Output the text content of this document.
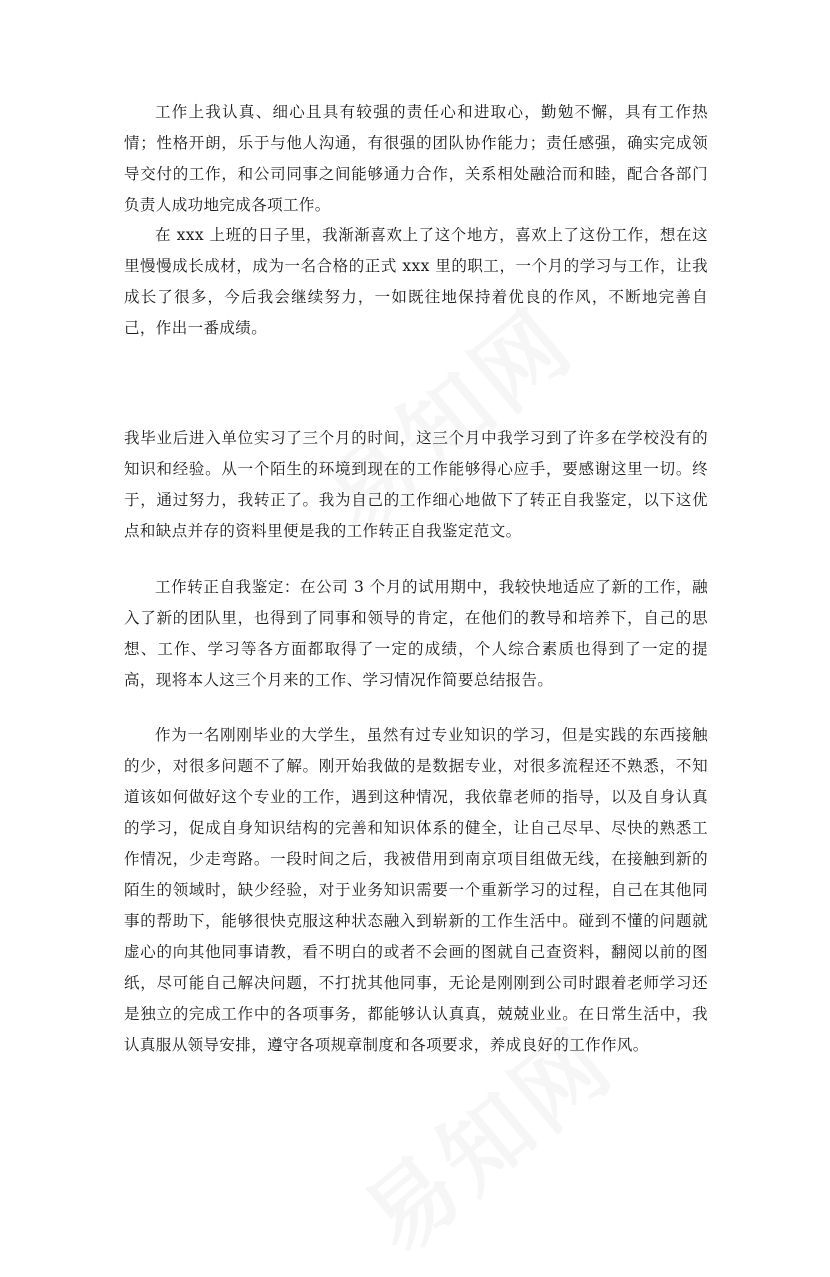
工作上我认真、细心且具有较强的责任心和进取心，勤勉不懈，具有工作热情；性格开朗，乐于与他人沟通，有很强的团队协作能力；责任感强，确实完成领导交付的工作，和公司同事之间能够通力合作，关系相处融洽而和睦，配合各部门负责人成功地完成各项工作。

在 xxx 上班的日子里，我渐渐喜欢上了这个地方，喜欢上了这份工作，想在这里慢慢成长成材，成为一名合格的正式 xxx 里的职工，一个月的学习与工作，让我成长了很多，今后我会继续努力，一如既往地保持着优良的作风，不断地完善自己，作出一番成绩。

我毕业后进入单位实习了三个月的时间，这三个月中我学习到了许多在学校没有的知识和经验。从一个陌生的环境到现在的工作能够得心应手，要感谢这里一切。终于，通过努力，我转正了。我为自己的工作细心地做下了转正自我鉴定，以下这优点和缺点并存的资料里便是我的工作转正自我鉴定范文。

工作转正自我鉴定：在公司 3 个月的试用期中，我较快地适应了新的工作，融入了新的团队里，也得到了同事和领导的肯定，在他们的教导和培养下，自己的思想、工作、学习等各方面都取得了一定的成绩，个人综合素质也得到了一定的提高，现将本人这三个月来的工作、学习情况作简要总结报告。

作为一名刚刚毕业的大学生，虽然有过专业知识的学习，但是实践的东西接触的少，对很多问题不了解。刚开始我做的是数据专业，对很多流程还不熟悉，不知道该如何做好这个专业的工作，遇到这种情况，我依靠老师的指导，以及自身认真的学习，促成自身知识结构的完善和知识体系的健全，让自己尽早、尽快的熟悉工作情况，少走弯路。一段时间之后，我被借用到南京项目组做无线，在接触到新的陌生的领域时，缺少经验，对于业务知识需要一个重新学习的过程，自己在其他同事的帮助下，能够很快克服这种状态融入到崭新的工作生活中。碰到不懂的问题就虚心的向其他同事请教，看不明白的或者不会画的图就自己查资料，翻阅以前的图纸，尽可能自己解决问题，不打扰其他同事，无论是刚刚到公司时跟着老师学习还是独立的完成工作中的各项事务，都能够认认真真，兢兢业业。在日常生活中，我认真服从领导安排，遵守各项规章制度和各项要求，养成良好的工作作风。
